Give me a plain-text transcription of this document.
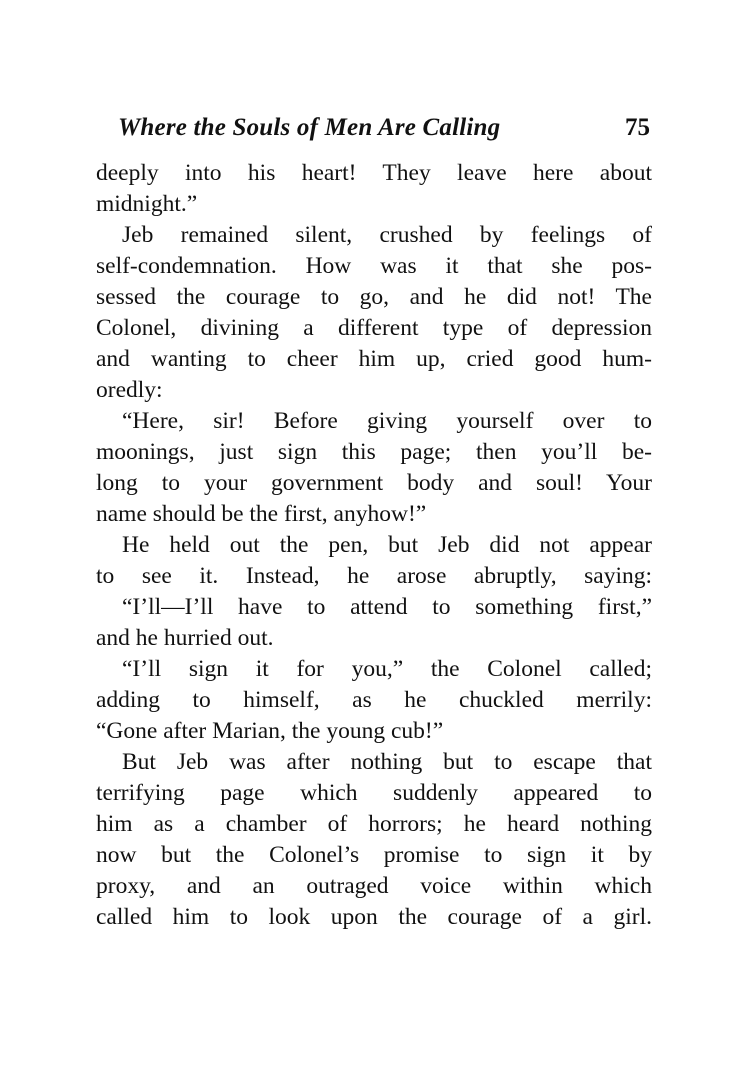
Where the Souls of Men Are Calling	75
deeply into his heart! They leave here about
midnight.”
Jeb remained silent, crushed by feelings of
self-condemnation. How was it that she pos-
sessed the courage to go, and he did not! The
Colonel, divining a different type of depression
and wanting to cheer him up, cried good hum-
oredly:
“Here, sir! Before giving yourself over to
moonings, just sign this page; then you’ll be-
long to your government body and soul! Your
name should be the first, anyhow!”
He held out the pen, but Jeb did not appear
to see it. Instead, he arose abruptly, saying:
“I’ll—I’ll have to attend to something first,”
and he hurried out.
“I’ll sign it for you,” the Colonel called;
adding to himself, as he chuckled merrily:
“Gone after Marian, the young cub!”
But Jeb was after nothing but to escape that
terrifying page which suddenly appeared to
him as a chamber of horrors; he heard nothing
now but the Colonel’s promise to sign it by
proxy, and an outraged voice within which
called him to look upon the courage of a girl.
